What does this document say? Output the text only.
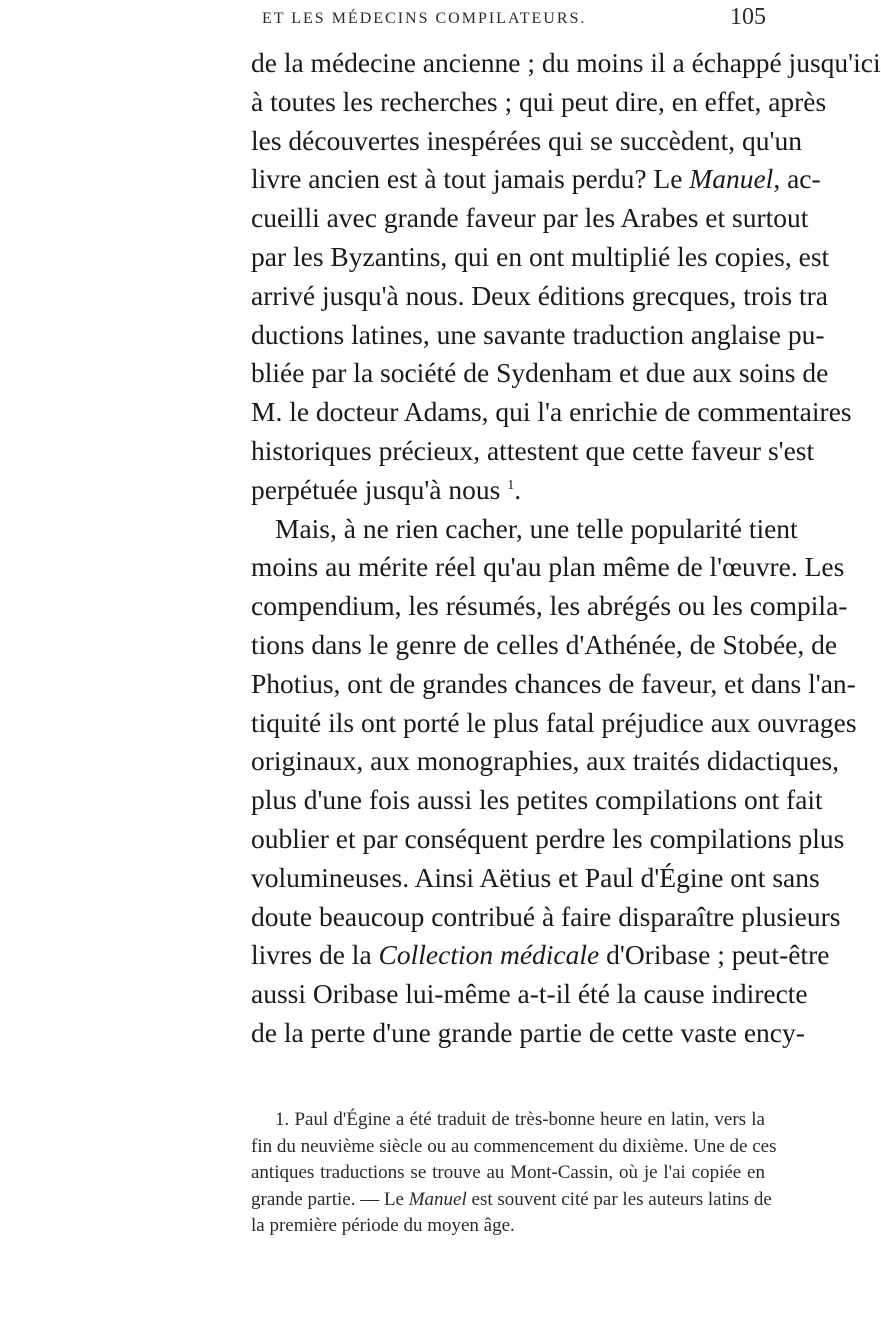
ET LES MÉDECINS COMPILATEURS.	105
de la médecine ancienne ; du moins il a échappé jusqu'ici
à toutes les recherches ; qui peut dire, en effet, après
les découvertes inespérées qui se succèdent, qu'un
livre ancien est à tout jamais perdu? Le Manuel, ac-
cueilli avec grande faveur par les Arabes et surtout
par les Byzantins, qui en ont multiplié les copies, est
arrivé jusqu'à nous. Deux éditions grecques, trois tra
ductions latines, une savante traduction anglaise pu-
bliée par la société de Sydenham et due aux soins de
M. le docteur Adams, qui l'a enrichie de commentaires
historiques précieux, attestent que cette faveur s'est
perpétuée jusqu'à nous $^1$.
Mais, à ne rien cacher, une telle popularité tient
moins au mérite réel qu'au plan même de l'œuvre. Les
compendium, les résumés, les abrégés ou les compila-
tions dans le genre de celles d'Athénée, de Stobée, de
Photius, ont de grandes chances de faveur, et dans l'an-
tiquité ils ont porté le plus fatal préjudice aux ouvrages
originaux, aux monographies, aux traités didactiques,
plus d'une fois aussi les petites compilations ont fait
oublier et par conséquent perdre les compilations plus
volumineuses. Ainsi Aëtius et Paul d'Égine ont sans
doute beaucoup contribué à faire disparaître plusieurs
livres de la Collection médicale d'Oribase ; peut-être
aussi Oribase lui-même a-t-il été la cause indirecte
de la perte d'une grande partie de cette vaste ency-
1. Paul d'Égine a été traduit de très-bonne heure en latin, vers la
fin du neuvième siècle ou au commencement du dixième. Une de ces
antiques traductions se trouve au Mont-Cassin, où je l'ai copiée en
grande partie. — Le Manuel est souvent cité par les auteurs latins de
la première période du moyen âge.
